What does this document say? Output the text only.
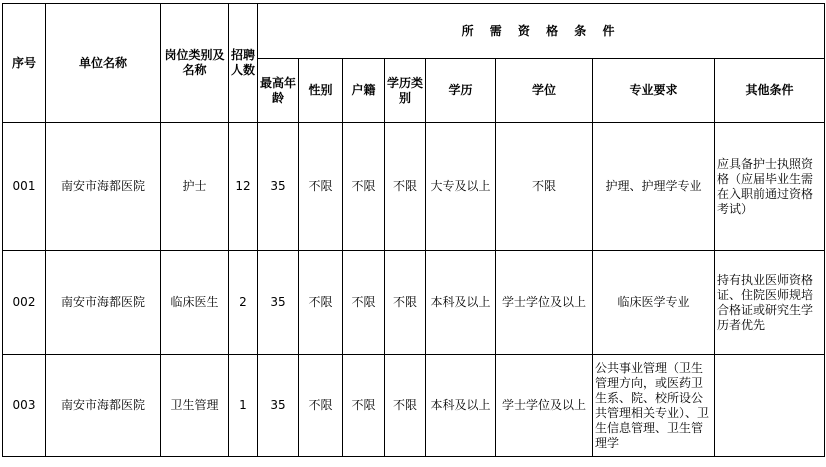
序号	单位名称	岗位类别及名称	招聘人数	所 需 资 格 条 件							
				最高年龄	性别	户籍	学历类别	学历	学位	专业要求	其他条件
001	南安市海都医院	护士	12	35	不限	不限	不限	大专及以上	不限	护理、护理学专业	应具备护士执照资格（应届毕业生需在入职前通过资格考试）
002	南安市海都医院	临床医生	2	35	不限	不限	不限	本科及以上	学士学位及以上	临床医学专业	持有执业医师资格证、住院医师规培合格证或研究生学历者优先
003	南安市海都医院	卫生管理	1	35	不限	不限	不限	本科及以上	学士学位及以上	公共事业管理（卫生管理方向，或医药卫生系、院、校所设公共管理相关专业）、卫生信息管理、卫生管理学	
